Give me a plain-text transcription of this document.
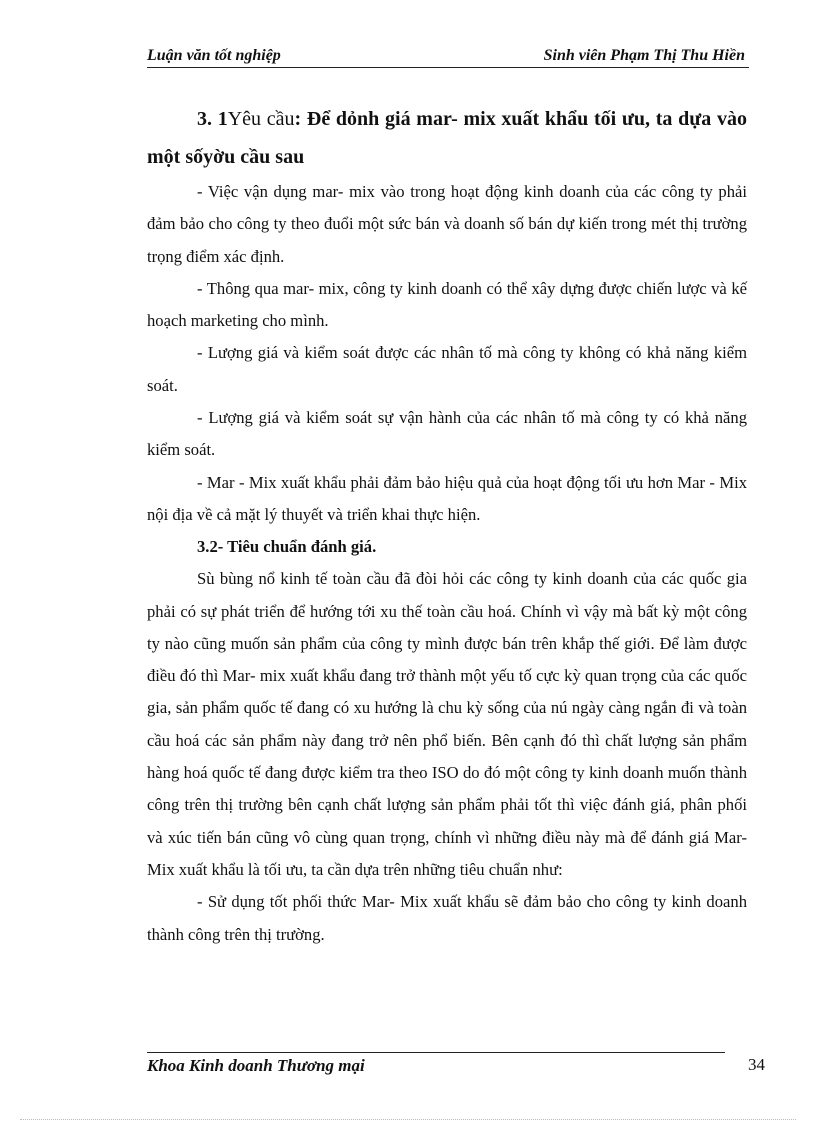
Luận văn tốt nghiệp	Sinh viên Phạm Thị Thu Hiền

3. 1Yêu cầu: Để dỏnh giá mar- mix xuất khẩu tối ưu, ta dựa vào một sốyờu cầu sau

- Việc vận dụng mar- mix vào trong hoạt động kinh doanh của các công ty phải đảm bảo cho công ty theo đuổi một sức bán và doanh số bán dự kiến trong mét thị trường trọng điểm xác định.

- Thông qua mar- mix, công ty kinh doanh có thể xây dựng được chiến lược và kế hoạch marketing cho mình.

- Lượng giá và kiểm soát được các nhân tố mà công ty không có khả năng kiểm soát.

- Lượng giá và kiểm soát sự vận hành của các nhân tố mà công ty có khả năng kiểm soát.

- Mar - Mix xuất khẩu phải đảm bảo hiệu quả của hoạt động tối ưu hơn Mar - Mix nội địa về cả mặt lý thuyết và triển khai thực hiện.

3.2- Tiêu chuẩn đánh giá.

Sù bùng nổ kinh tế toàn cầu đã đòi hỏi các công ty kinh doanh của các quốc gia phải có sự phát triển để hướng tới xu thế toàn cầu hoá. Chính vì vậy mà bất kỳ một công ty nào cũng muốn sản phẩm của công ty mình được bán trên khắp thế giới. Để làm được điều đó thì Mar- mix xuất khẩu đang trở thành một yếu tố cực kỳ quan trọng của các quốc gia, sản phẩm quốc tế đang có xu hướng là chu kỳ sống của nú ngày càng ngắn đi và toàn cầu hoá các sản phẩm này đang trở nên phổ biến. Bên cạnh đó thì chất lượng sản phẩm hàng hoá quốc tế đang được kiểm tra theo ISO do đó một công ty kinh doanh muốn thành công trên thị trường bên cạnh chất lượng sản phẩm phải tốt thì việc đánh giá, phân phối và xúc tiến bán cũng vô cùng quan trọng, chính vì những điều này mà để đánh giá Mar- Mix xuất khẩu là tối ưu, ta cần dựa trên những tiêu chuẩn như:

- Sử dụng tốt phối thức Mar- Mix xuất khẩu sẽ đảm bảo cho công ty kinh doanh thành công trên thị trường.

Khoa Kinh doanh Thương mại	34
